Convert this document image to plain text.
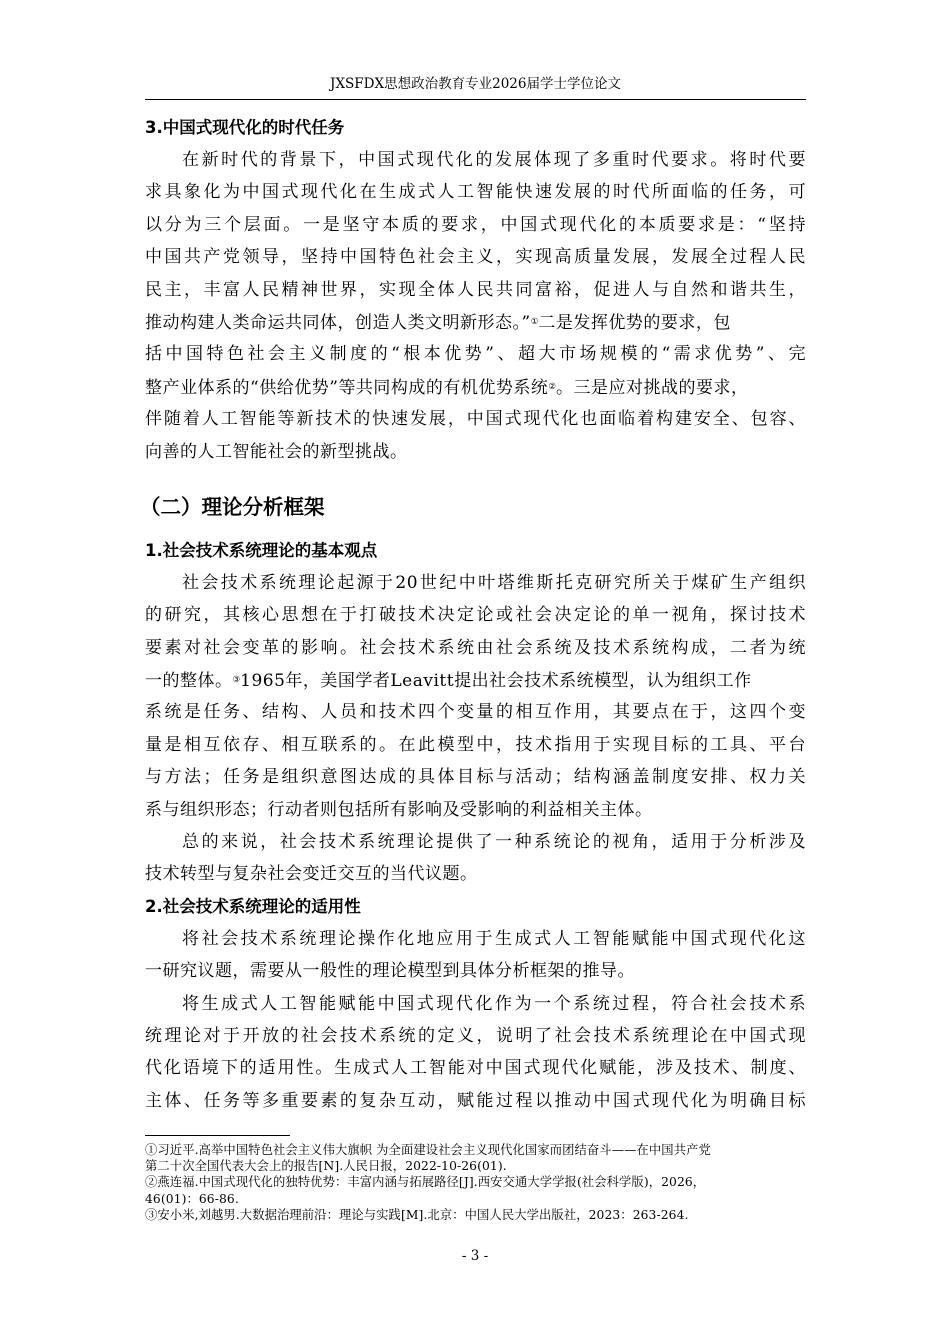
JXSFDX思想政治教育专业2026届学士学位论文
3.中国式现代化的时代任务
在新时代的背景下，中国式现代化的发展体现了多重时代要求。将时代要
求具象化为中国式现代化在生成式人工智能快速发展的时代所面临的任务，可
以分为三个层面。一是坚守本质的要求，中国式现代化的本质要求是：“坚持
中国共产党领导，坚持中国特色社会主义，实现高质量发展，发展全过程人民
民主，丰富人民精神世界，实现全体人民共同富裕，促进人与自然和谐共生，
推动构建人类命运共同体，创造人类文明新形态。”①二是发挥优势的要求，包
括中国特色社会主义制度的“根本优势”、超大市场规模的“需求优势”、完
整产业体系的“供给优势”等共同构成的有机优势系统②。三是应对挑战的要求，
伴随着人工智能等新技术的快速发展，中国式现代化也面临着构建安全、包容、
向善的人工智能社会的新型挑战。
（二）理论分析框架
1.社会技术系统理论的基本观点
社会技术系统理论起源于20世纪中叶塔维斯托克研究所关于煤矿生产组织
的研究，其核心思想在于打破技术决定论或社会决定论的单一视角，探讨技术
要素对社会变革的影响。社会技术系统由社会系统及技术系统构成，二者为统
一的整体。③1965年，美国学者Leavitt提出社会技术系统模型，认为组织工作
系统是任务、结构、人员和技术四个变量的相互作用，其要点在于，这四个变
量是相互依存、相互联系的。在此模型中，技术指用于实现目标的工具、平台
与方法；任务是组织意图达成的具体目标与活动；结构涵盖制度安排、权力关
系与组织形态；行动者则包括所有影响及受影响的利益相关主体。
总的来说，社会技术系统理论提供了一种系统论的视角，适用于分析涉及
技术转型与复杂社会变迁交互的当代议题。
2.社会技术系统理论的适用性
将社会技术系统理论操作化地应用于生成式人工智能赋能中国式现代化这
一研究议题，需要从一般性的理论模型到具体分析框架的推导。
将生成式人工智能赋能中国式现代化作为一个系统过程，符合社会技术系
统理论对于开放的社会技术系统的定义，说明了社会技术系统理论在中国式现
代化语境下的适用性。生成式人工智能对中国式现代化赋能，涉及技术、制度、
主体、任务等多重要素的复杂互动，赋能过程以推动中国式现代化为明确目标
①习近平.高举中国特色社会主义伟大旗帜 为全面建设社会主义现代化国家而团结奋斗——在中国共产党
第二十次全国代表大会上的报告[N].人民日报，2022-10-26(01).
②燕连福.中国式现代化的独特优势：丰富内涵与拓展路径[J].西安交通大学学报(社会科学版)，2026，
46(01)：66-86.
③安小米,刘越男.大数据治理前沿：理论与实践[M].北京：中国人民大学出版社，2023：263-264.
- 3 -
